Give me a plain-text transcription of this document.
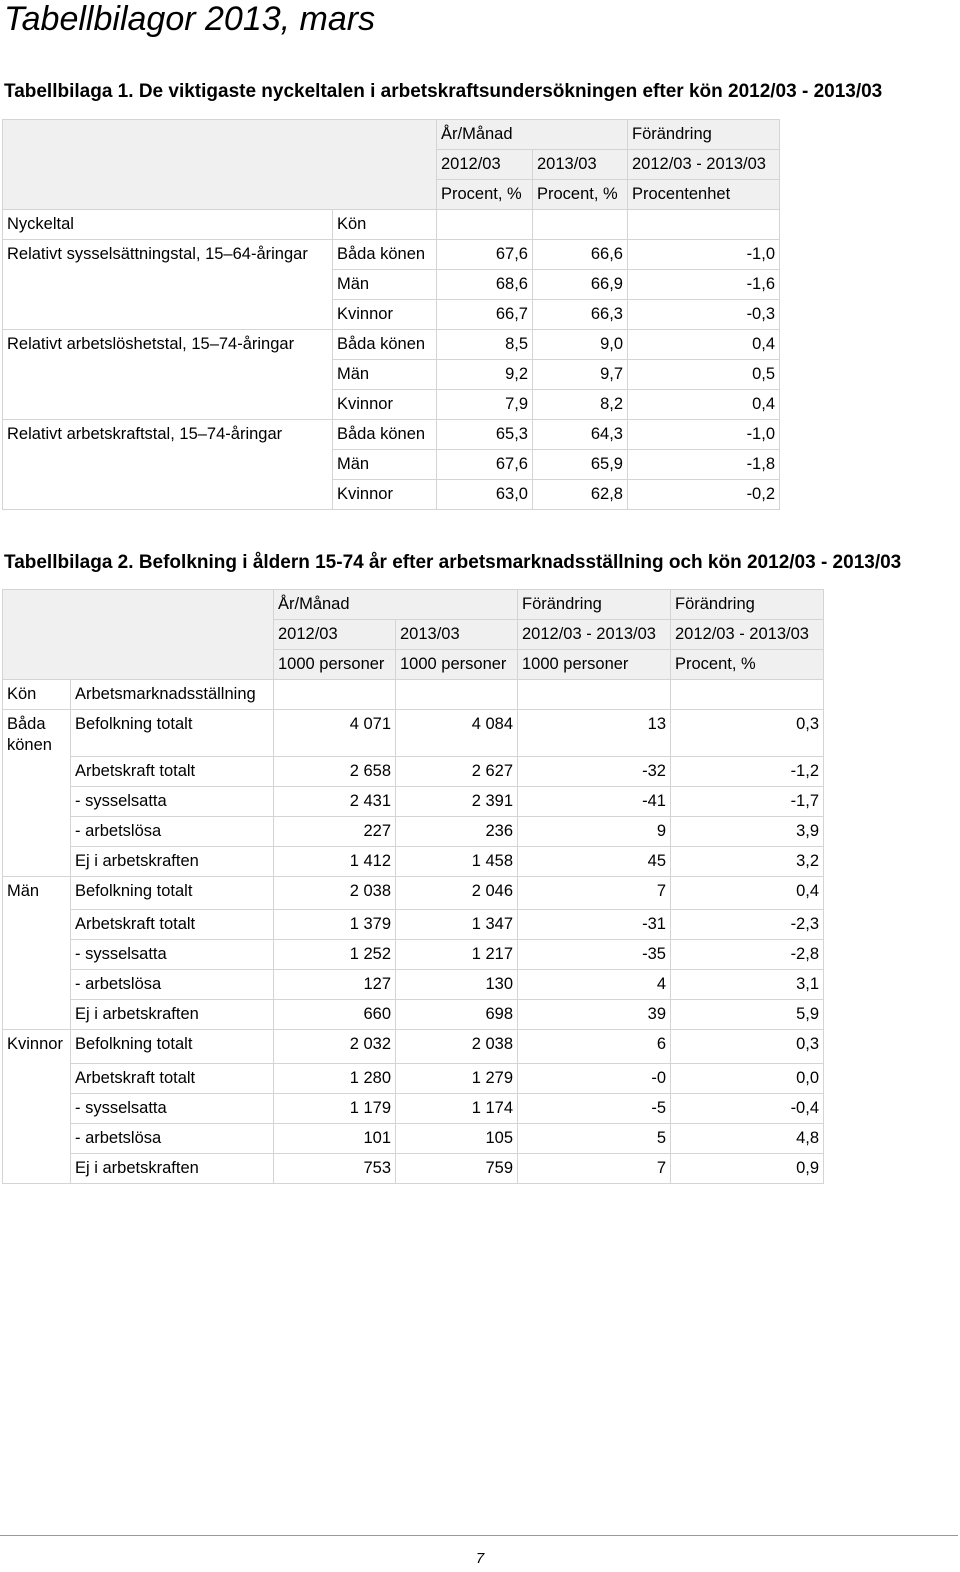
Tabellbilagor 2013, mars

Tabellbilaga 1. De viktigaste nyckeltalen i arbetskraftsundersökningen efter kön 2012/03 - 2013/03

		År/Månad		Förändring
		2012/03	2013/03	2012/03 - 2013/03
		Procent, %	Procent, %	Procentenhet
Nyckeltal	Kön			
Relativt sysselsättningstal, 15–64-åringar	Båda könen	67,6	66,6	-1,0
	Män	68,6	66,9	-1,6
	Kvinnor	66,7	66,3	-0,3
Relativt arbetslöshetstal, 15–74-åringar	Båda könen	8,5	9,0	0,4
	Män	9,2	9,7	0,5
	Kvinnor	7,9	8,2	0,4
Relativt arbetskraftstal, 15–74-åringar	Båda könen	65,3	64,3	-1,0
	Män	67,6	65,9	-1,8
	Kvinnor	63,0	62,8	-0,2

Tabellbilaga 2. Befolkning i åldern 15-74 år efter arbetsmarknadsställning och kön 2012/03 - 2013/03

		År/Månad		Förändring	Förändring
		2012/03	2013/03	2012/03 - 2013/03	2012/03 - 2013/03
		1000 personer	1000 personer	1000 personer	Procent, %
Kön	Arbetsmarknadsställning				
Båda könen	Befolkning totalt	4 071	4 084	13	0,3
	Arbetskraft totalt	2 658	2 627	-32	-1,2
	- sysselsatta	2 431	2 391	-41	-1,7
	- arbetslösa	227	236	9	3,9
	Ej i arbetskraften	1 412	1 458	45	3,2
Män	Befolkning totalt	2 038	2 046	7	0,4
	Arbetskraft totalt	1 379	1 347	-31	-2,3
	- sysselsatta	1 252	1 217	-35	-2,8
	- arbetslösa	127	130	4	3,1
	Ej i arbetskraften	660	698	39	5,9
Kvinnor	Befolkning totalt	2 032	2 038	6	0,3
	Arbetskraft totalt	1 280	1 279	-0	0,0
	- sysselsatta	1 179	1 174	-5	-0,4
	- arbetslösa	101	105	5	4,8
	Ej i arbetskraften	753	759	7	0,9
7
